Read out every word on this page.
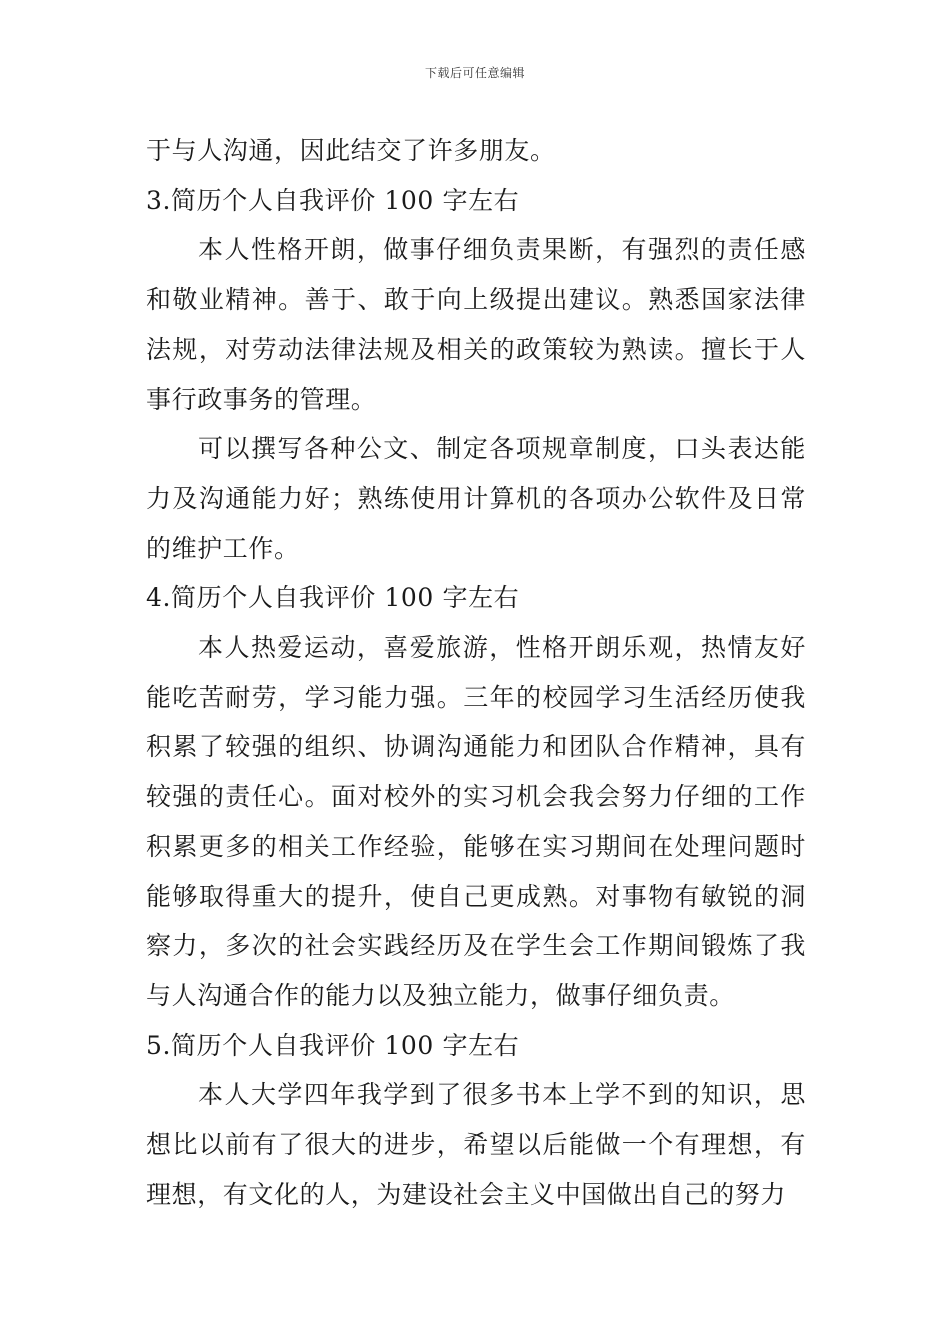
下载后可任意编辑

于与人沟通，因此结交了许多朋友。

3.简历个人自我评价 100 字左右

本人性格开朗，做事仔细负责果断，有强烈的责任感和敬业精神。善于、敢于向上级提出建议。熟悉国家法律法规，对劳动法律法规及相关的政策较为熟读。擅长于人事行政事务的管理。

可以撰写各种公文、制定各项规章制度，口头表达能力及沟通能力好；熟练使用计算机的各项办公软件及日常的维护工作。

4.简历个人自我评价 100 字左右

本人热爱运动，喜爱旅游，性格开朗乐观，热情友好能吃苦耐劳，学习能力强。三年的校园学习生活经历使我积累了较强的组织、协调沟通能力和团队合作精神，具有较强的责任心。面对校外的实习机会我会努力仔细的工作积累更多的相关工作经验，能够在实习期间在处理问题时能够取得重大的提升，使自己更成熟。对事物有敏锐的洞察力，多次的社会实践经历及在学生会工作期间锻炼了我与人沟通合作的能力以及独立能力，做事仔细负责。

5.简历个人自我评价 100 字左右

本人大学四年我学到了很多书本上学不到的知识，思想比以前有了很大的进步，希望以后能做一个有理想，有理想，有文化的人，为建设社会主义中国做出自己的努力
